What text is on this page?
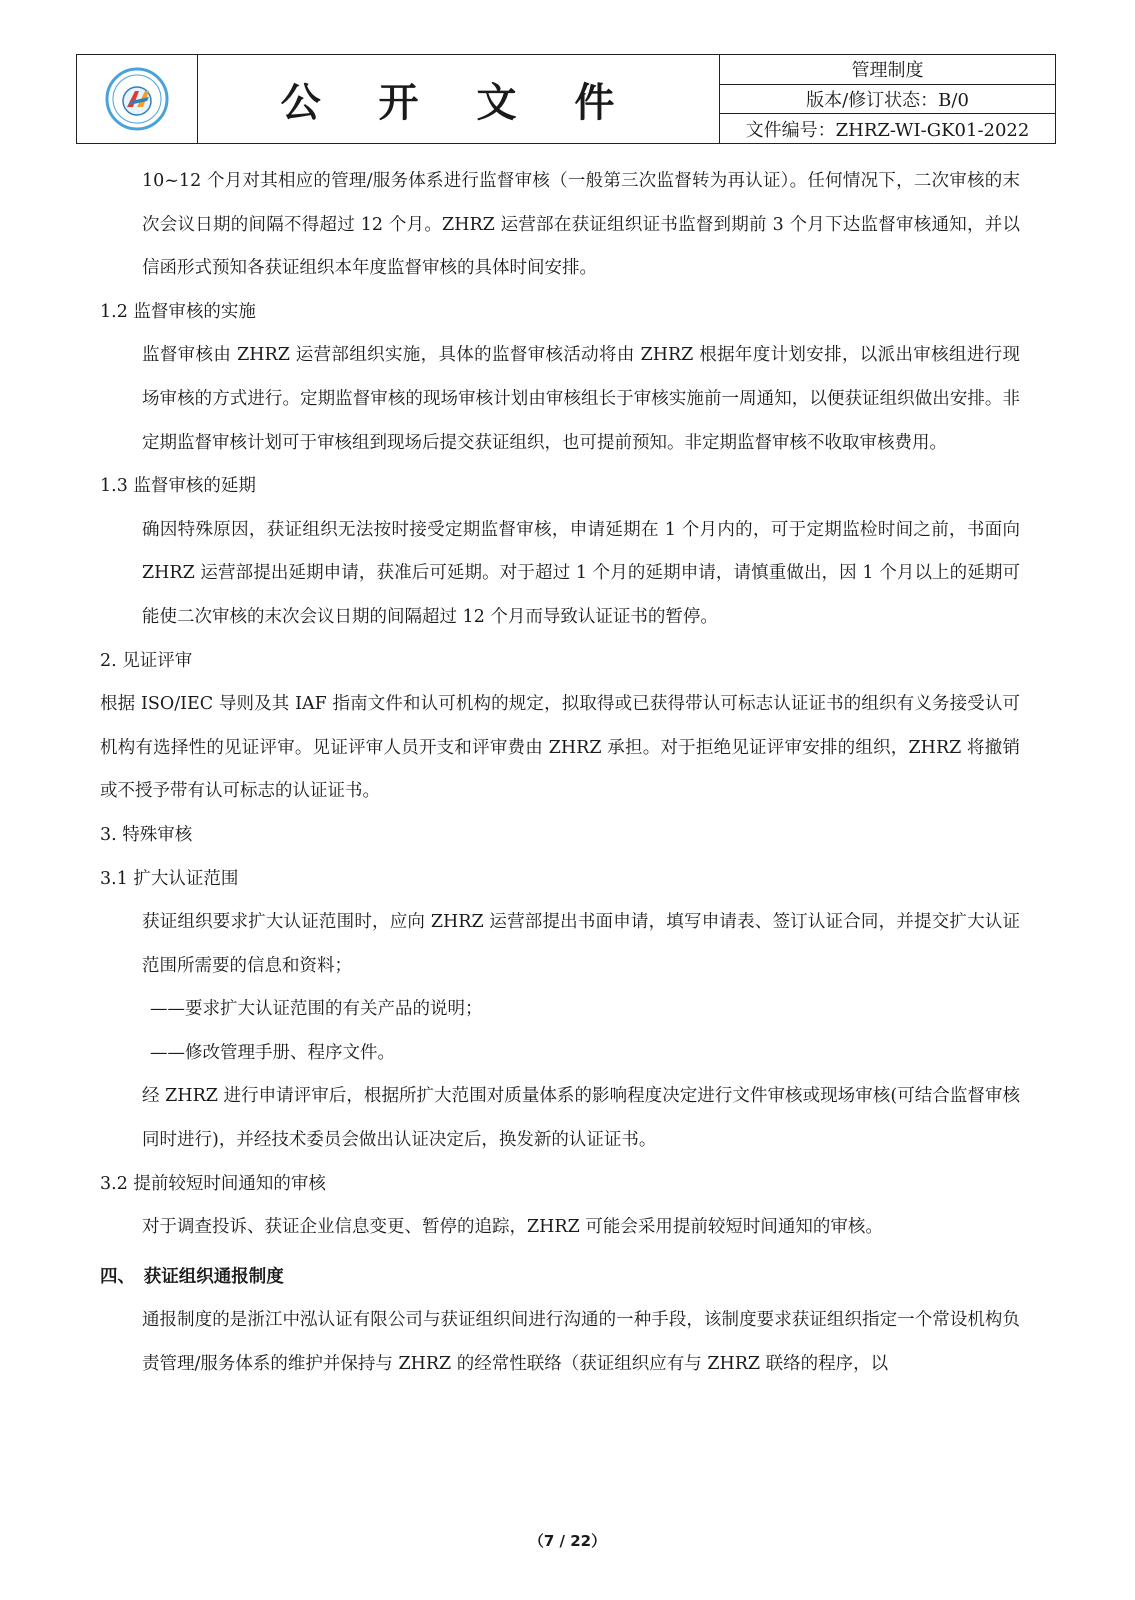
公 开 文 件
管理制度
版本/修订状态：B/0
文件编号：ZHRZ-WI-GK01-2022

10~12 个月对其相应的管理/服务体系进行监督审核（一般第三次监督转为再认证）。任何情况下，二次审核的末次会议日期的间隔不得超过 12 个月。ZHRZ 运营部在获证组织证书监督到期前 3 个月下达监督审核通知，并以信函形式预知各获证组织本年度监督审核的具体时间安排。

1.2 监督审核的实施

监督审核由 ZHRZ 运营部组织实施，具体的监督审核活动将由 ZHRZ 根据年度计划安排，以派出审核组进行现场审核的方式进行。定期监督审核的现场审核计划由审核组长于审核实施前一周通知，以便获证组织做出安排。非定期监督审核计划可于审核组到现场后提交获证组织，也可提前预知。非定期监督审核不收取审核费用。

1.3 监督审核的延期

确因特殊原因，获证组织无法按时接受定期监督审核，申请延期在 1 个月内的，可于定期监检时间之前，书面向 ZHRZ 运营部提出延期申请，获准后可延期。对于超过 1 个月的延期申请，请慎重做出，因 1 个月以上的延期可能使二次审核的末次会议日期的间隔超过 12 个月而导致认证证书的暂停。

2. 见证评审

根据 ISO/IEC 导则及其 IAF 指南文件和认可机构的规定，拟取得或已获得带认可标志认证证书的组织有义务接受认可机构有选择性的见证评审。见证评审人员开支和评审费由 ZHRZ 承担。对于拒绝见证评审安排的组织，ZHRZ 将撤销或不授予带有认可标志的认证证书。

3. 特殊审核

3.1 扩大认证范围

获证组织要求扩大认证范围时，应向 ZHRZ 运营部提出书面申请，填写申请表、签订认证合同，并提交扩大认证范围所需要的信息和资料；

——要求扩大认证范围的有关产品的说明；

——修改管理手册、程序文件。

经 ZHRZ 进行申请评审后，根据所扩大范围对质量体系的影响程度决定进行文件审核或现场审核(可结合监督审核同时进行)，并经技术委员会做出认证决定后，换发新的认证证书。

3.2 提前较短时间通知的审核

对于调查投诉、获证企业信息变更、暂停的追踪，ZHRZ 可能会采用提前较短时间通知的审核。

四、　获证组织通报制度

通报制度的是浙江中泓认证有限公司与获证组织间进行沟通的一种手段，该制度要求获证组织指定一个常设机构负责管理/服务体系的维护并保持与 ZHRZ 的经常性联络（获证组织应有与 ZHRZ 联络的程序，以

（7 / 22）
